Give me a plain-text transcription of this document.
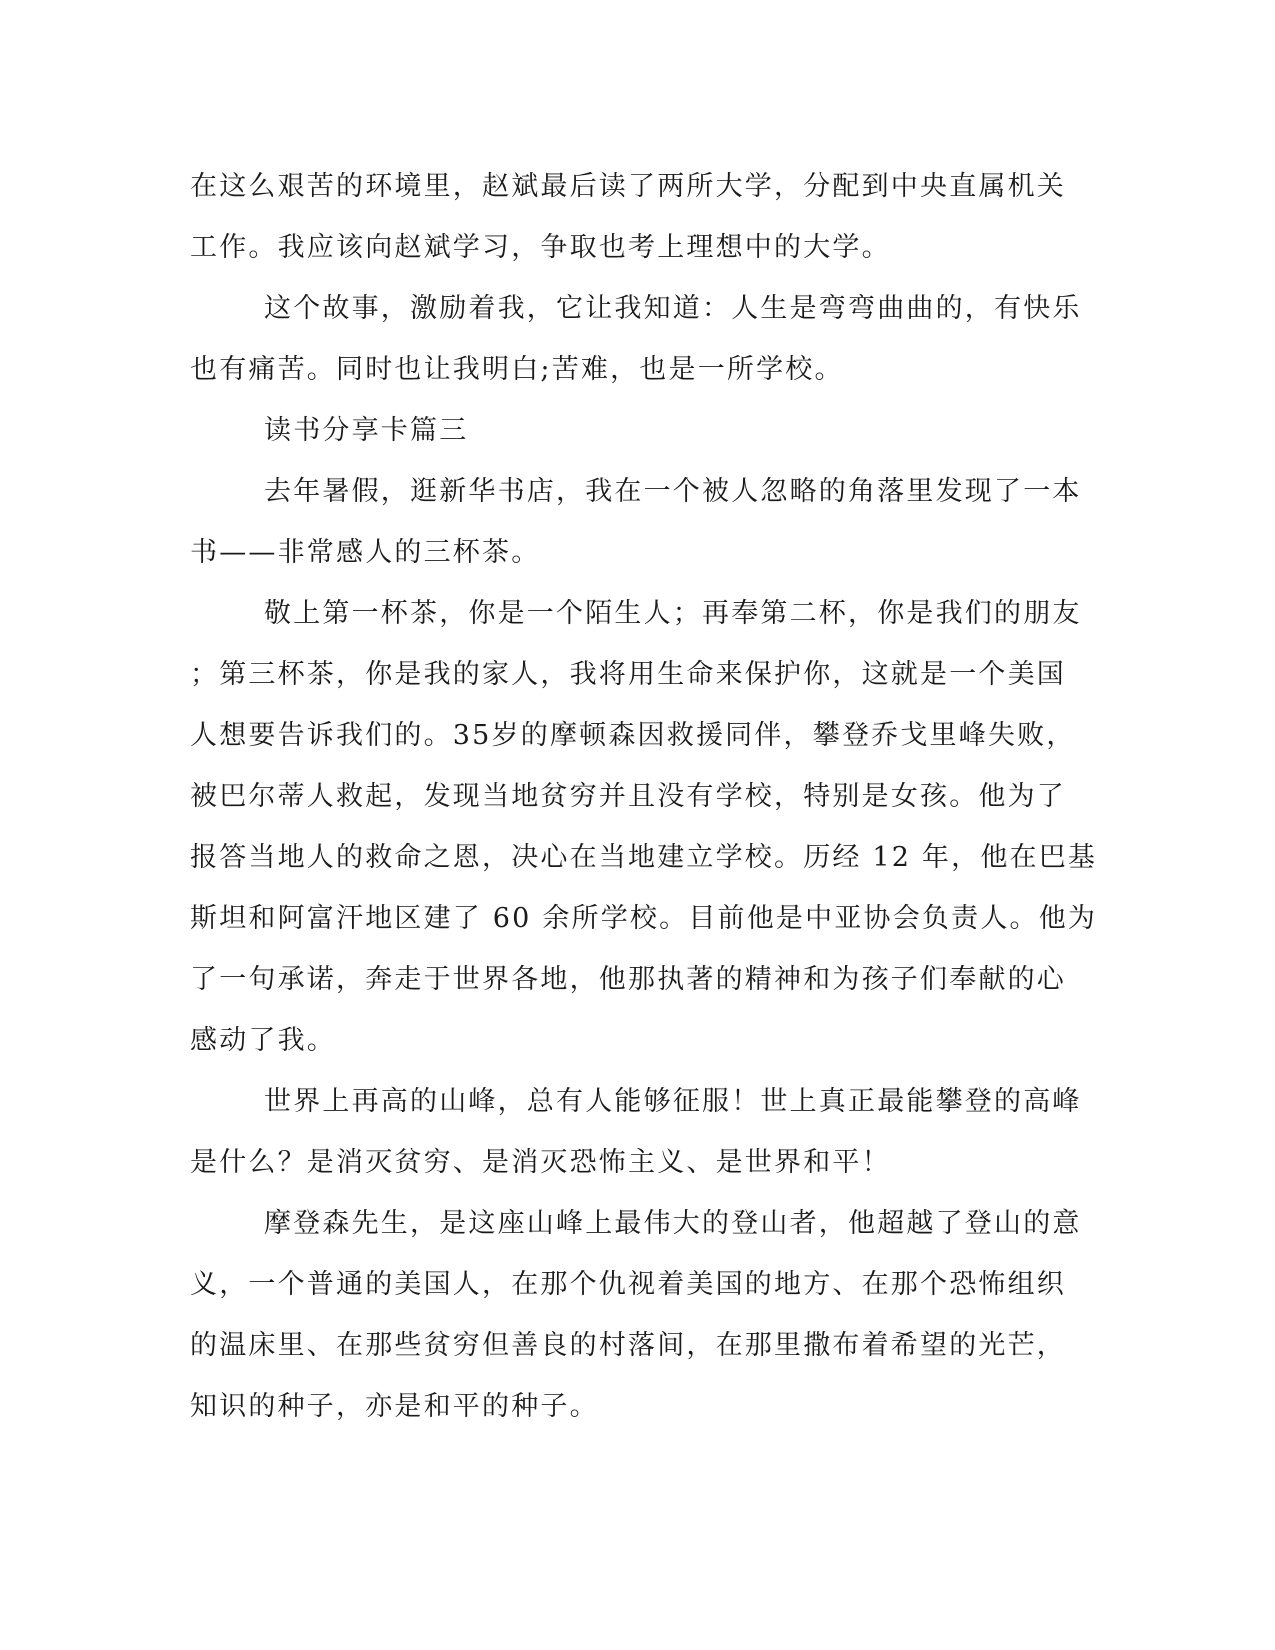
在这么艰苦的环境里，赵斌最后读了两所大学，分配到中央直属机关
工作。我应该向赵斌学习，争取也考上理想中的大学。
这个故事，激励着我，它让我知道：人生是弯弯曲曲的，有快乐
也有痛苦。同时也让我明白;苦难，也是一所学校。
读书分享卡篇三
去年暑假，逛新华书店，我在一个被人忽略的角落里发现了一本
书——非常感人的三杯茶。
敬上第一杯茶，你是一个陌生人；再奉第二杯，你是我们的朋友
；第三杯茶，你是我的家人，我将用生命来保护你，这就是一个美国
人想要告诉我们的。35岁的摩顿森因救援同伴，攀登乔戈里峰失败，
被巴尔蒂人救起，发现当地贫穷并且没有学校，特别是女孩。他为了
报答当地人的救命之恩，决心在当地建立学校。历经 12 年，他在巴基
斯坦和阿富汗地区建了 60 余所学校。目前他是中亚协会负责人。他为
了一句承诺，奔走于世界各地，他那执著的精神和为孩子们奉献的心
感动了我。
世界上再高的山峰，总有人能够征服！世上真正最能攀登的高峰
是什么？是消灭贫穷、是消灭恐怖主义、是世界和平！
摩登森先生，是这座山峰上最伟大的登山者，他超越了登山的意
义，一个普通的美国人，在那个仇视着美国的地方、在那个恐怖组织
的温床里、在那些贫穷但善良的村落间，在那里撒布着希望的光芒，
知识的种子，亦是和平的种子。
